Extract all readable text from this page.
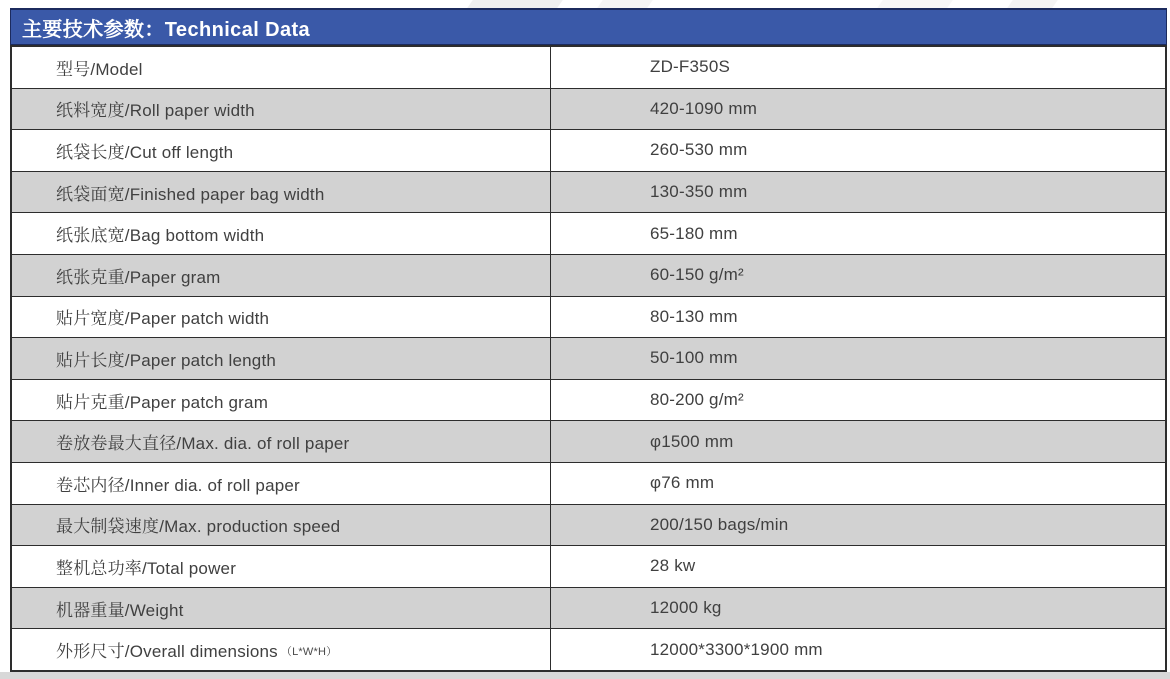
主要技术参数：Technical Data
型号/Model	ZD-F350S
纸料宽度/Roll paper width	420-1090 mm
纸袋长度/Cut off length	260-530 mm
纸袋面宽/Finished paper bag width	130-350 mm
纸张底宽/Bag bottom width	65-180 mm
纸张克重/Paper gram	60-150 g/m²
贴片宽度/Paper patch width	80-130 mm
贴片长度/Paper patch length	50-100 mm
贴片克重/Paper patch gram	80-200 g/m²
卷放卷最大直径/Max. dia. of roll paper	φ1500 mm
卷芯内径/Inner dia. of roll paper	φ76 mm
最大制袋速度/Max. production speed	200/150 bags/min
整机总功率/Total power	28 kw
机器重量/Weight	12000 kg
外形尺寸/Overall dimensions （L*W*H）	12000*3300*1900 mm
